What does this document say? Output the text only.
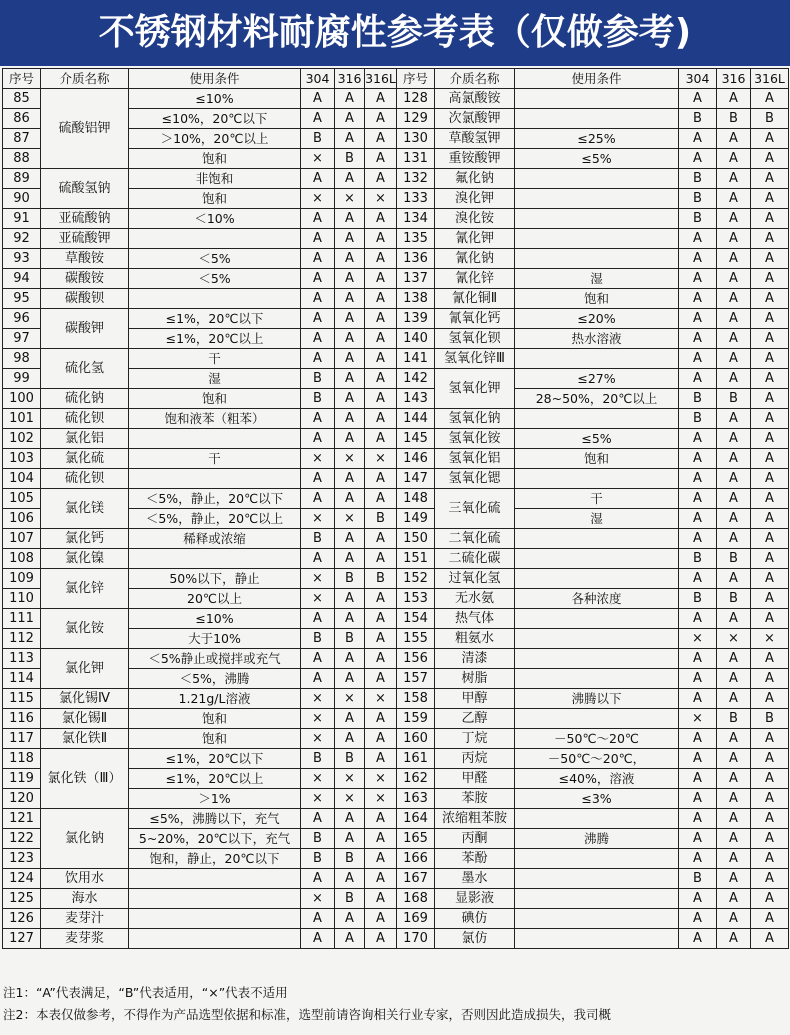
不锈钢材料耐腐性参考表（仅做参考)
序号	介质名称	使用条件	304	316	316L	序号	介质名称	使用条件	304	316	316L
85	硫酸铝钾	≤10%	A	A	A	128	高氯酸铵		A	A	A
86		≤10%，20℃以下	A	A	A	129	次氯酸钾		B	B	B
87		＞10%，20℃以上	B	A	A	130	草酸氢钾	≤25%	A	A	A
88		饱和	×	B	A	131	重铵酸钾	≤5%	A	A	A
89	硫酸氢钠	非饱和	A	A	A	132	氟化钠		B	A	A
90		饱和	×	×	×	133	溴化钾		B	A	A
91	亚硫酸钠	＜10%	A	A	A	134	溴化铵		B	A	A
92	亚硫酸钾		A	A	A	135	氰化钾		A	A	A
93	草酸铵	＜5%	A	A	A	136	氰化钠		A	A	A
94	碳酸铵	＜5%	A	A	A	137	氰化锌	湿	A	A	A
95	碳酸钡		A	A	A	138	氰化铜Ⅱ	饱和	A	A	A
96	碳酸钾	≤1%，20℃以下	A	A	A	139	氰氧化钙	≤20%	A	A	A
97		≤1%，20℃以上	A	A	A	140	氢氧化钡	热水溶液	A	A	A
98	硫化氢	干	A	A	A	141	氢氧化锌Ⅲ		A	A	A
99		湿	B	A	A	142	氢氧化钾	≤27%	A	A	A
100	硫化钠	饱和	B	A	A	143		28~50%，20℃以上	B	B	A
101	硫化钡	饱和液苯（粗苯）	A	A	A	144	氢氧化钠		B	A	A
102	氯化铝		A	A	A	145	氢氧化铵	≤5%	A	A	A
103	氯化硫	干	×	×	×	146	氢氧化铝	饱和	A	A	A
104	硫化钡		A	A	A	147	氢氧化锶		A	A	A
105	氯化镁	＜5%，静止，20℃以下	A	A	A	148	三氧化硫	干	A	A	A
106		＜5%，静止，20℃以上	×	×	B	149		湿	A	A	A
107	氯化钙	稀释或浓缩	B	A	A	150	二氧化硫		A	A	A
108	氯化镍		A	A	A	151	二硫化碳		B	B	A
109	氯化锌	50%以下，静止	×	B	B	152	过氧化氢		A	A	A
110		20℃以上	×	A	A	153	无水氨	各种浓度	B	B	A
111	氯化铵	≤10%	A	A	A	154	热气体		A	A	A
112		大于10%	B	B	A	155	粗氨水		×	×	×
113	氯化钾	＜5%静止或搅拌或充气	A	A	A	156	清漆		A	A	A
114		＜5%，沸腾	A	A	A	157	树脂		A	A	A
115	氯化锡Ⅳ	1.21g/L溶液	×	×	×	158	甲醇	沸腾以下	A	A	A
116	氯化锡Ⅱ	饱和	×	A	A	159	乙醇		×	B	B
117	氯化铁Ⅱ	饱和	×	A	A	160	丁烷	－50℃～20℃	A	A	A
118	氯化铁（Ⅲ）	≤1%，20℃以下	B	B	A	161	丙烷	－50℃～20℃，	A	A	A
119		≤1%，20℃以上	×	×	×	162	甲醛	≤40%，溶液	A	A	A
120		＞1%	×	×	×	163	苯胺	≤3%	A	A	A
121	氯化钠	≤5%，沸腾以下，充气	A	A	A	164	浓缩粗苯胺		A	A	A
122		5~20%，20℃以下，充气	B	A	A	165	丙酮	沸腾	A	A	A
123		饱和，静止，20℃以下	B	B	A	166	苯酚		A	A	A
124	饮用水		A	A	A	167	墨水		B	A	A
125	海水		×	B	A	168	显影液		A	A	A
126	麦芽汁		A	A	A	169	碘仿		A	A	A
127	麦芽浆		A	A	A	170	氯仿		A	A	A
注1：“A”代表满足，“B”代表适用，“×”代表不适用
注2：本表仅做参考，不得作为产品选型依据和标准，选型前请咨询相关行业专家，否则因此造成损失，我司概
